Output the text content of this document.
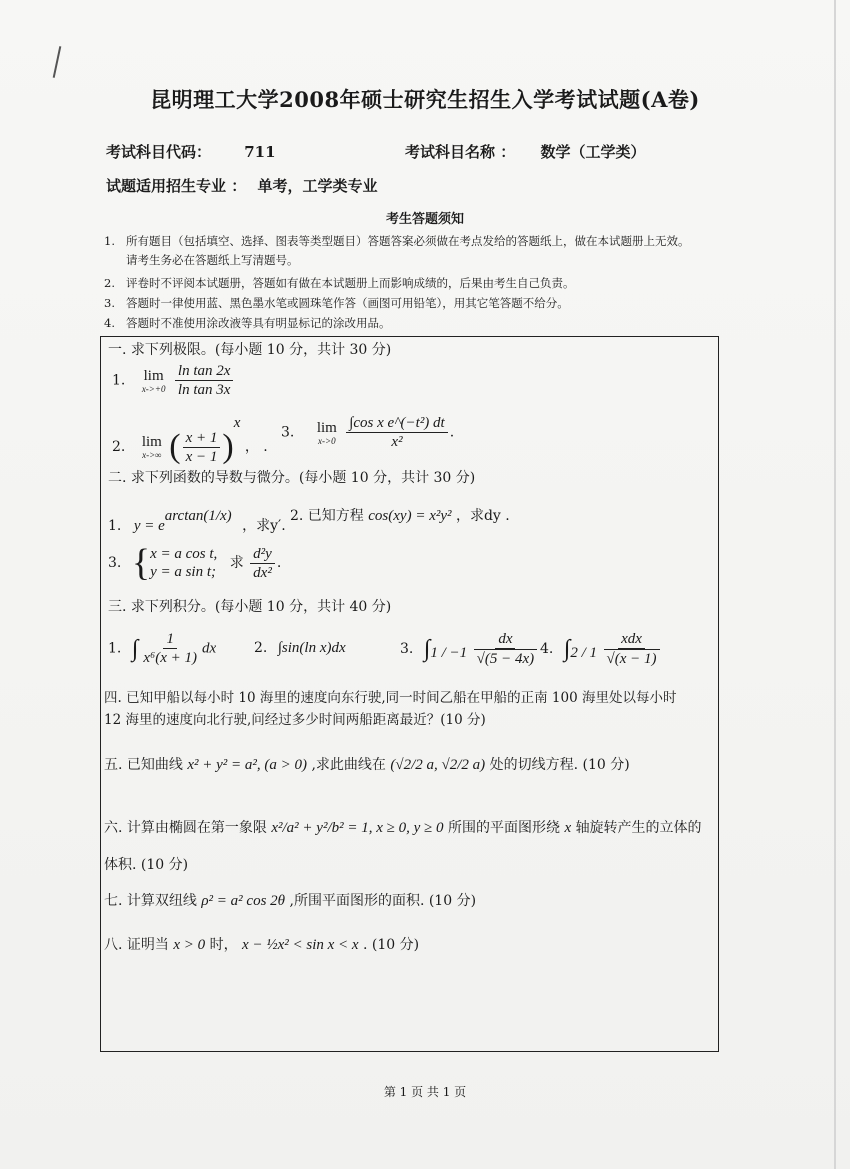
昆明理工大学2008年硕士研究生招生入学考试试题(A卷)
考试科目代码： 711	考试科目名称 ： 数学（工学类）
试题适用招生专业 ： 单考，工学类专业
考生答题须知
1. 所有题目（包括填空、选择、图表等类型题目）答题答案必须做在考点发给的答题纸上，做在本试题册上无效。
请考生务必在答题纸上写清题号。
2. 评卷时不评阅本试题册，答题如有做在本试题册上而影响成绩的，后果由考生自己负责。
3. 答题时一律使用蓝、黑色墨水笔或圆珠笔作答（画图可用铅笔），用其它笔答题不给分。
4. 答题时不准使用涂改液等具有明显标记的涂改用品。
一. 求下列极限。(每小题 10 分，共计 30 分)
1. lim
x->+0
$\frac{\text{ln tan 2x}}{\text{ln tan 3x}}$
2. lim
x->∞ ( $\frac{x + 1}{x - 1} )^x$ ， .
3. lim
x->0
$\frac{\text{∫cos x e\textasciicircum{}(−t²) dt}}{\text{x²}}$ .
二. 求下列函数的导数与微分。(每小题 10 分，共计 30 分)
1. $y = e^{arctan(1/x)}$ ，求y′.
2. 已知方程 cos(xy) = x²y² ，求dy .
3. { x = a cos t,
y = a sin t;
求 $\frac{\text{d²y}}{\text{dx²}}$ .
三. 求下列积分。(每小题 10 分，共计 40 分)
1. ∫ $\frac{1}{\text{x⁶(x + 1)}}$ dx	2. ∫sin(ln x)dx	3. $\int_{1 / -1} \frac{dx}{√(5 - 4x)} 4$. $\int_{2 / 1} \frac{\text{xdx}}{√(x - 1)}$
四. 已知甲船以每小时 10 海里的速度向东行驶,同一时间乙船在甲船的正南 100 海里处以每小时
12 海里的速度向北行驶,问经过多少时间两船距离最近？(10 分)
五. 已知曲线 x² + y² = a², (a > 0) ,求此曲线在 (√2/2 a, √2/2 a) 处的切线方程. (10 分)
六. 计算由椭圆在第一象限 x²/a² + y²/b² = 1, x ≥ 0, y ≥ 0 所围的平面图形绕 x 轴旋转产生的立体的
体积. (10 分)
七. 计算双纽线 ρ² = a² cos 2θ ,所围平面图形的面积. (10 分)
八. 证明当 x > 0 时， x − ½x² < sin x < x . (10 分)
第 1 页 共 1 页
